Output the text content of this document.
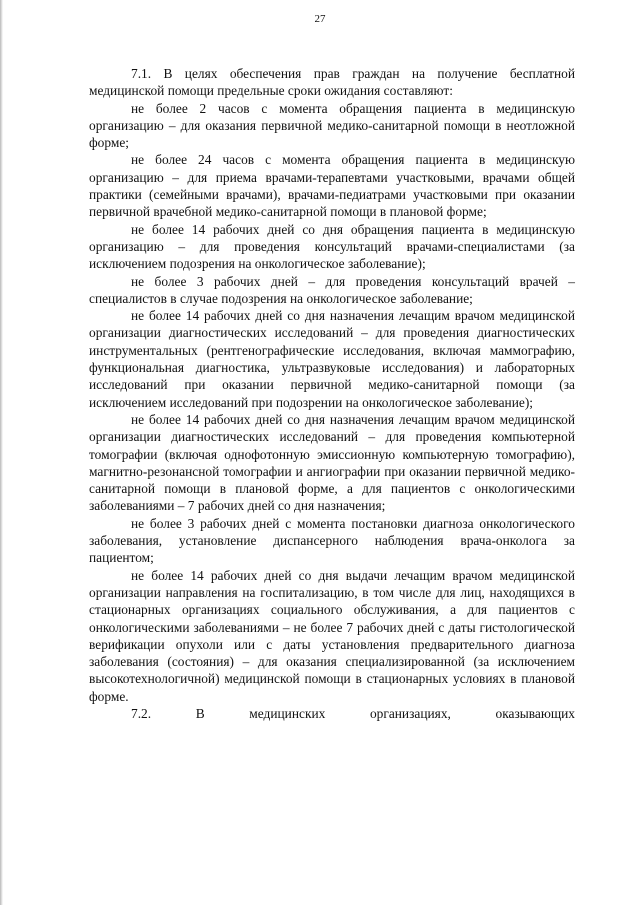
27

7.1. В целях обеспечения прав граждан на получение бесплатной медицинской помощи предельные сроки ожидания составляют:

не более 2 часов с момента обращения пациента в медицинскую организацию – для оказания первичной медико-санитарной помощи в неотложной форме;

не более 24 часов с момента обращения пациента в медицинскую организацию – для приема врачами-терапевтами участковыми, врачами общей практики (семейными врачами), врачами-педиатрами участковыми при оказании первичной врачебной медико-санитарной помощи в плановой форме;

не более 14 рабочих дней со дня обращения пациента в медицинскую организацию – для проведения консультаций врачами-специалистами (за исключением подозрения на онкологическое заболевание);

не более 3 рабочих дней – для проведения консультаций врачей – специалистов в случае подозрения на онкологическое заболевание;

не более 14 рабочих дней со дня назначения лечащим врачом медицинской организации диагностических исследований – для проведения диагностических инструментальных (рентгенографические исследования, включая маммографию, функциональная диагностика, ультразвуковые исследования) и лабораторных исследований при оказании первичной медико-санитарной помощи (за исключением исследований при подозрении на онкологическое заболевание);

не более 14 рабочих дней со дня назначения лечащим врачом медицинской организации диагностических исследований – для проведения компьютерной томографии (включая однофотонную эмиссионную компьютерную томографию), магнитно-резонансной томографии и ангиографии при оказании первичной медико-санитарной помощи в плановой форме, а для пациентов с онкологическими заболеваниями – 7 рабочих дней со дня назначения;

не более 3 рабочих дней с момента постановки диагноза онкологического заболевания, установление диспансерного наблюдения врача-онколога за пациентом;

не более 14 рабочих дней со дня выдачи лечащим врачом медицинской организации направления на госпитализацию, в том числе для лиц, находящихся в стационарных организациях социального обслуживания, а для пациентов с онкологическими заболеваниями – не более 7 рабочих дней с даты гистологической верификации опухоли или с даты установления предварительного диагноза заболевания (состояния) – для оказания специализированной (за исключением высокотехнологичной) медицинской помощи в стационарных условиях в плановой форме.

7.2. В медицинских организациях, оказывающих
